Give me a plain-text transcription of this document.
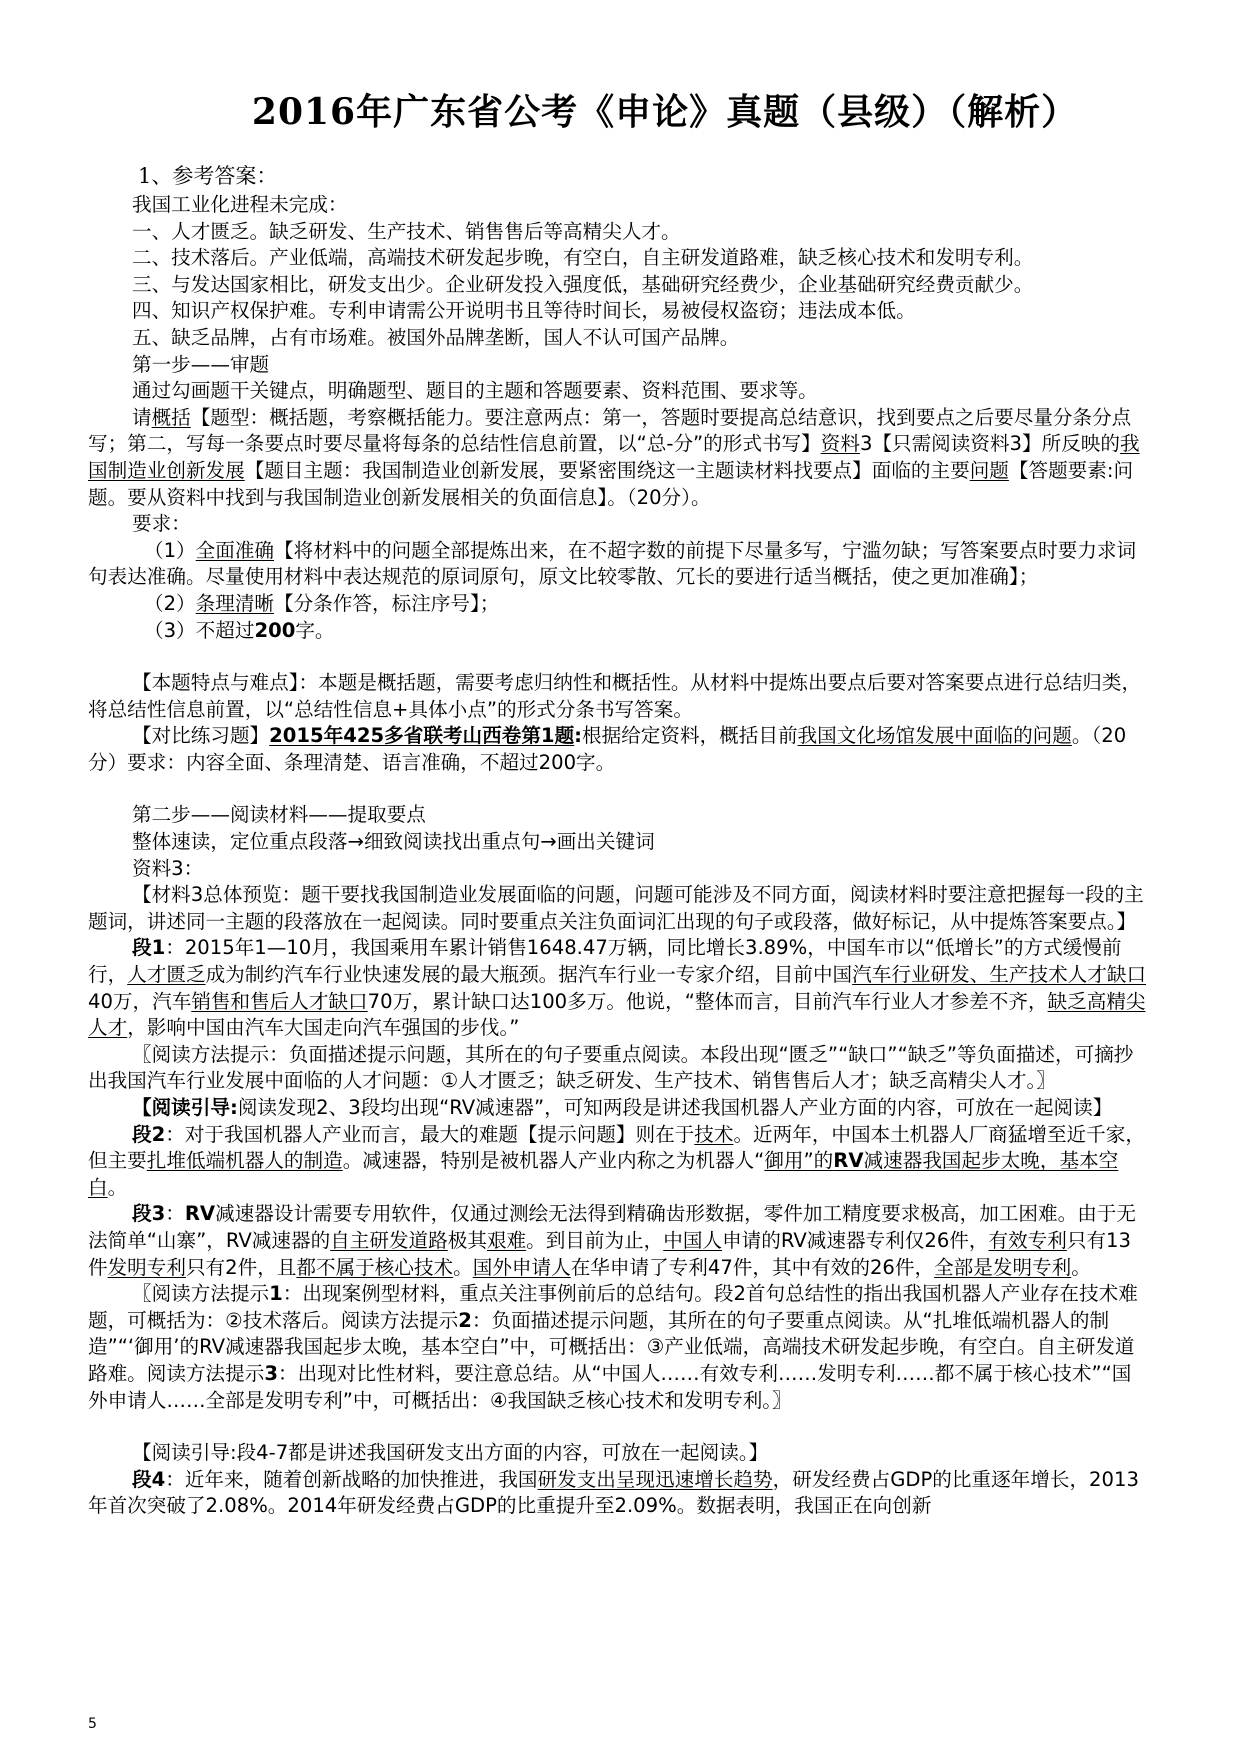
2016年广东省公考《申论》真题（县级）（解析）

1、参考答案：

我国工业化进程未完成：

一、人才匮乏。缺乏研发、生产技术、销售售后等高精尖人才。

二、技术落后。产业低端，高端技术研发起步晚，有空白，自主研发道路难，缺乏核心技术和发明专利。

三、与发达国家相比，研发支出少。企业研发投入强度低，基础研究经费少，企业基础研究经费贡献少。

四、知识产权保护难。专利申请需公开说明书且等待时间长，易被侵权盗窃；违法成本低。

五、缺乏品牌，占有市场难。被国外品牌垄断，国人不认可国产品牌。

第一步——审题

通过勾画题干关键点，明确题型、题目的主题和答题要素、资料范围、要求等。

请概括【题型：概括题，考察概括能力。要注意两点：第一，答题时要提高总结意识，找到要点之后要尽量分条分点写；第二，写每一条要点时要尽量将每条的总结性信息前置，以“总-分”的形式书写】资料3【只需阅读资料3】所反映的我国制造业创新发展【题目主题：我国制造业创新发展，要紧密围绕这一主题读材料找要点】面临的主要问题【答题要素:问题。要从资料中找到与我国制造业创新发展相关的负面信息】。（20分）。

要求：

（1）全面准确【将材料中的问题全部提炼出来，在不超字数的前提下尽量多写，宁滥勿缺；写答案要点时要力求词句表达准确。尽量使用材料中表达规范的原词原句，原文比较零散、冗长的要进行适当概括，使之更加准确】；

（2）条理清晰【分条作答，标注序号】；

（3）不超过200字。

【本题特点与难点】：本题是概括题，需要考虑归纳性和概括性。从材料中提炼出要点后要对答案要点进行总结归类，将总结性信息前置，以“总结性信息+具体小点”的形式分条书写答案。

【对比练习题】2015年425多省联考山西卷第1题:根据给定资料，概括目前我国文化场馆发展中面临的问题。（20分）要求：内容全面、条理清楚、语言准确，不超过200字。

第二步——阅读材料——提取要点

整体速读，定位重点段落→细致阅读找出重点句→画出关键词

资料3：

【材料3总体预览：题干要找我国制造业发展面临的问题，问题可能涉及不同方面，阅读材料时要注意把握每一段的主题词，讲述同一主题的段落放在一起阅读。同时要重点关注负面词汇出现的句子或段落，做好标记，从中提炼答案要点。】

段1：2015年1—10月，我国乘用车累计销售1648.47万辆，同比增长3.89%，中国车市以“低增长”的方式缓慢前行，人才匮乏成为制约汽车行业快速发展的最大瓶颈。据汽车行业一专家介绍，目前中国汽车行业研发、生产技术人才缺口40万，汽车销售和售后人才缺口70万，累计缺口达100多万。他说，“整体而言，目前汽车行业人才参差不齐，缺乏高精尖人才，影响中国由汽车大国走向汽车强国的步伐。”

〖阅读方法提示：负面描述提示问题，其所在的句子要重点阅读。本段出现“匮乏”“缺口”“缺乏”等负面描述，可摘抄出我国汽车行业发展中面临的人才问题：①人才匮乏；缺乏研发、生产技术、销售售后人才；缺乏高精尖人才。〗

【阅读引导:阅读发现2、3段均出现“RV减速器”，可知两段是讲述我国机器人产业方面的内容，可放在一起阅读】

段2：对于我国机器人产业而言，最大的难题【提示问题】则在于技术。近两年，中国本土机器人厂商猛增至近千家，但主要扎堆低端机器人的制造。减速器，特别是被机器人产业内称之为机器人“御用”的RV减速器我国起步太晚，基本空白。

段3：RV减速器设计需要专用软件，仅通过测绘无法得到精确齿形数据，零件加工精度要求极高，加工困难。由于无法简单“山寨”，RV减速器的自主研发道路极其艰难。到目前为止，中国人申请的RV减速器专利仅26件，有效专利只有13件发明专利只有2件，且都不属于核心技术。国外申请人在华申请了专利47件，其中有效的26件，全部是发明专利。

〖阅读方法提示1：出现案例型材料，重点关注事例前后的总结句。段2首句总结性的指出我国机器人产业存在技术难题，可概括为：②技术落后。阅读方法提示2：负面描述提示问题，其所在的句子要重点阅读。从“扎堆低端机器人的制造”“‘御用’的RV减速器我国起步太晚，基本空白”中，可概括出：③产业低端，高端技术研发起步晚，有空白。自主研发道路难。阅读方法提示3：出现对比性材料，要注意总结。从“中国人……有效专利……发明专利……都不属于核心技术”“国外申请人……全部是发明专利”中，可概括出：④我国缺乏核心技术和发明专利。〗

【阅读引导:段4-7都是讲述我国研发支出方面的内容，可放在一起阅读。】

段4：近年来，随着创新战略的加快推进，我国研发支出呈现迅速增长趋势，研发经费占GDP的比重逐年增长，2013年首次突破了2.08%。2014年研发经费占GDP的比重提升至2.09%。数据表明，我国正在向创新

5
